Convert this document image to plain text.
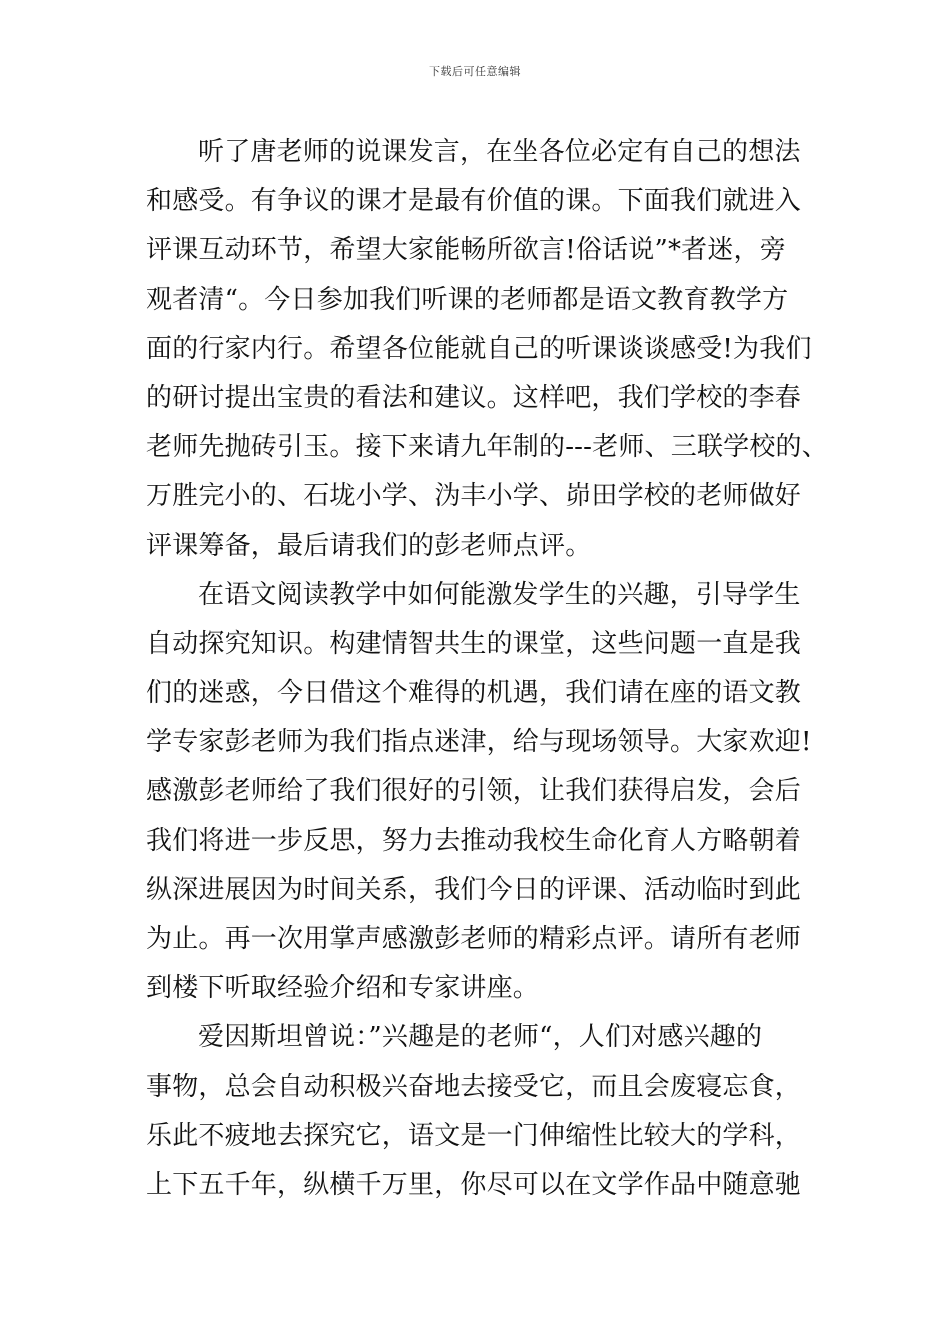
下载后可任意编辑
听了唐老师的说课发言，在坐各位必定有自己的想法
和感受。有争议的课才是最有价值的课。下面我们就进入
评课互动环节，希望大家能畅所欲言!俗话说”*者迷，旁
观者清“。今日参加我们听课的老师都是语文教育教学方
面的行家内行。希望各位能就自己的听课谈谈感受!为我们
的研讨提出宝贵的看法和建议。这样吧，我们学校的李春
老师先抛砖引玉。接下来请九年制的---老师、三联学校的、
万胜完小的、石垅小学、沩丰小学、峁田学校的老师做好
评课筹备，最后请我们的彭老师点评。
在语文阅读教学中如何能激发学生的兴趣，引导学生
自动探究知识。构建情智共生的课堂，这些问题一直是我
们的迷惑，今日借这个难得的机遇，我们请在座的语文教
学专家彭老师为我们指点迷津，给与现场领导。大家欢迎!
感激彭老师给了我们很好的引领，让我们获得启发，会后
我们将进一步反思，努力去推动我校生命化育人方略朝着
纵深进展因为时间关系，我们今日的评课、活动临时到此
为止。再一次用掌声感激彭老师的精彩点评。请所有老师
到楼下听取经验介绍和专家讲座。
爱因斯坦曾说：”兴趣是的老师“，人们对感兴趣的
事物，总会自动积极兴奋地去接受它，而且会废寝忘食，
乐此不疲地去探究它，语文是一门伸缩性比较大的学科，
上下五千年，纵横千万里，你尽可以在文学作品中随意驰
